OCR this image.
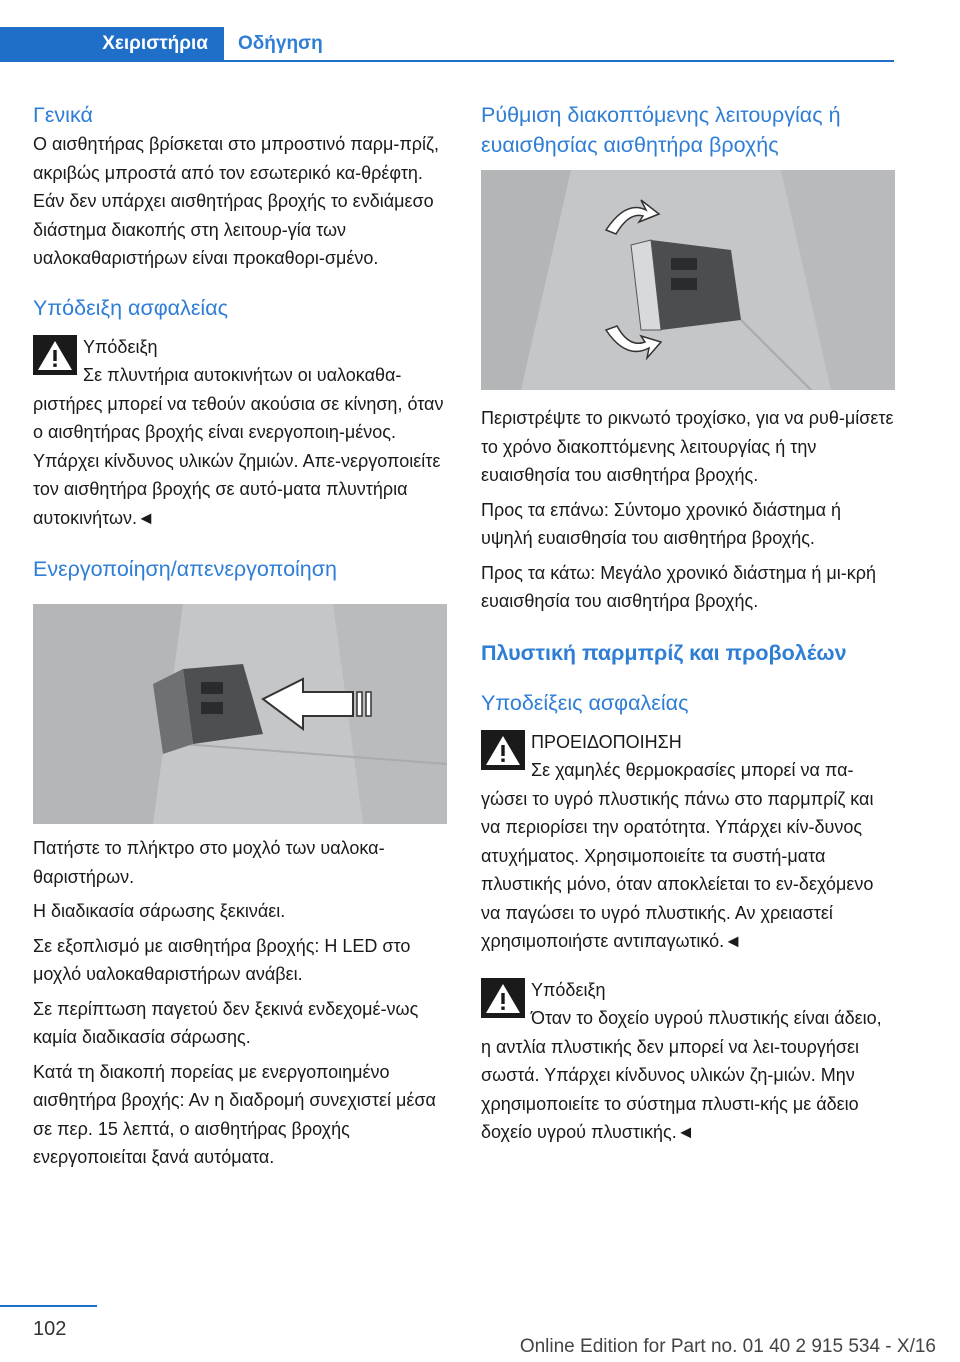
Χειριστήρια	Οδήγηση
Γενικά

Ο αισθητήρας βρίσκεται στο μπροστινό παρμ-πρίζ, ακριβώς μπροστά από τον εσωτερικό κα-θρέφτη. Εάν δεν υπάρχει αισθητήρας βροχής το ενδιάμεσο διάστημα διακοπής στη λειτουρ-γία των υαλοκαθαριστήρων είναι προκαθορι-σμένο.

Υπόδειξη ασφαλείας

Υπόδειξη

Σε πλυντήρια αυτοκινήτων οι υαλοκαθα-ριστήρες μπορεί να τεθούν ακούσια σε κίνηση, όταν ο αισθητήρας βροχής είναι ενεργοποιη-μένος. Υπάρχει κίνδυνος υλικών ζημιών. Απε-νεργοποιείτε τον αισθητήρα βροχής σε αυτό-ματα πλυντήρια αυτοκινήτων.◄

Ενεργοποίηση/απενεργοποίηση

Πατήστε το πλήκτρο στο μοχλό των υαλοκα-θαριστήρων.

Η διαδικασία σάρωσης ξεκινάει.

Σε εξοπλισμό με αισθητήρα βροχής: Η LED στο μοχλό υαλοκαθαριστήρων ανάβει.

Σε περίπτωση παγετού δεν ξεκινά ενδεχομέ-νως καμία διαδικασία σάρωσης.

Κατά τη διακοπή πορείας με ενεργοποιημένο αισθητήρα βροχής: Αν η διαδρομή συνεχιστεί μέσα σε περ. 15 λεπτά, ο αισθητήρας βροχής ενεργοποιείται ξανά αυτόματα.

Ρύθμιση διακοπτόμενης λειτουργίας ή ευαισθησίας αισθητήρα βροχής

Περιστρέψτε το ρικνωτό τροχίσκο, για να ρυθ-μίσετε το χρόνο διακοπτόμενης λειτουργίας ή την ευαισθησία του αισθητήρα βροχής.

Προς τα επάνω: Σύντομο χρονικό διάστημα ή υψηλή ευαισθησία του αισθητήρα βροχής.

Προς τα κάτω: Μεγάλο χρονικό διάστημα ή μι-κρή ευαισθησία του αισθητήρα βροχής.

Πλυστική παρμπρίζ και προβολέων
Υποδείξεις ασφαλείας

ΠΡΟΕΙΔΟΠΟΙΗΣΗ

Σε χαμηλές θερμοκρασίες μπορεί να πα-γώσει το υγρό πλυστικής πάνω στο παρμπρίζ και να περιορίσει την ορατότητα. Υπάρχει κίν-δυνος ατυχήματος. Χρησιμοποιείτε τα συστή-ματα πλυστικής μόνο, όταν αποκλείεται το εν-δεχόμενο να παγώσει το υγρό πλυστικής. Αν χρειαστεί χρησιμοποιήστε αντιπαγωτικό.◄

Υπόδειξη

Όταν το δοχείο υγρού πλυστικής είναι άδειο, η αντλία πλυστικής δεν μπορεί να λει-τουργήσει σωστά. Υπάρχει κίνδυνος υλικών ζη-μιών. Μην χρησιμοποιείτε το σύστημα πλυστι-κής με άδειο δοχείο υγρού πλυστικής.◄

102
Online Edition for Part no. 01 40 2 915 534 - X/16
